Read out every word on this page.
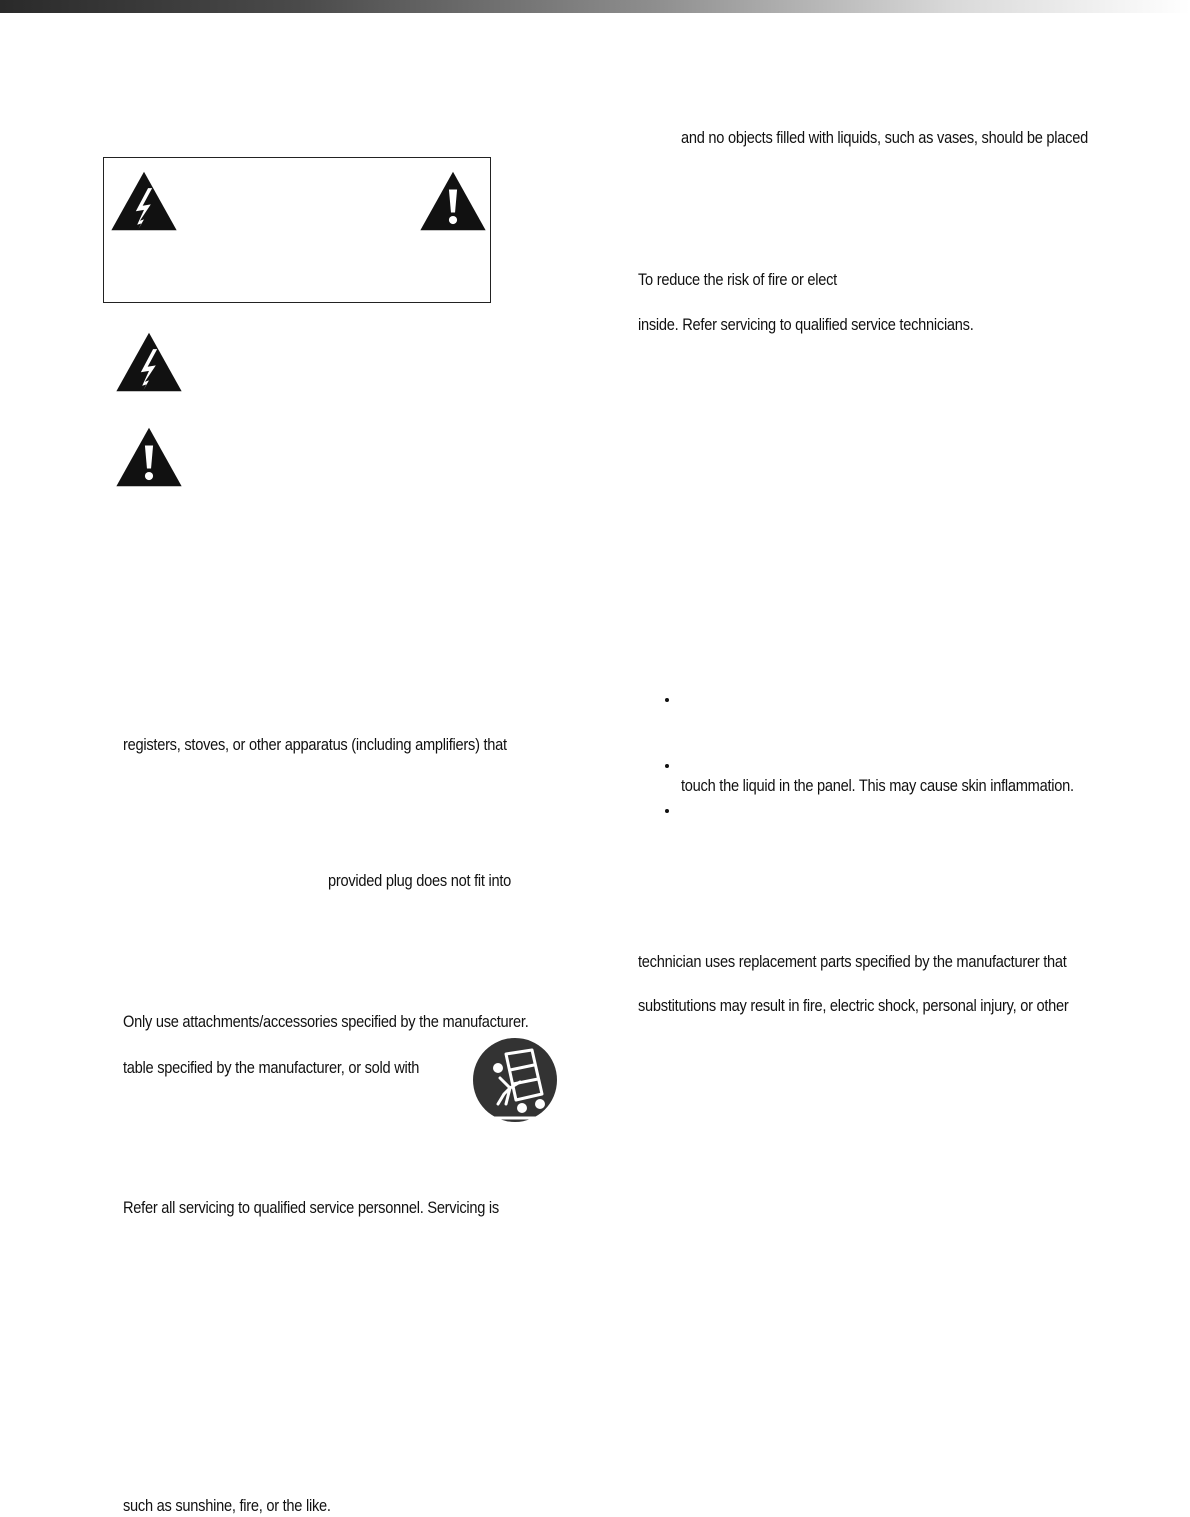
registers, stoves, or other apparatus (including amplifiers) that
provided plug does not fit into
Only use attachments/accessories specified by the manufacturer.
table specified by the manufacturer, or sold with
Refer all servicing to qualified service personnel. Servicing is
such as sunshine, fire, or the like.
and no objects filled with liquids, such as vases, should be placed
To reduce the risk of fire or elect
inside. Refer servicing to qualified service technicians.
touch the liquid in the panel. This may cause skin inflammation.
technician uses replacement parts specified by the manufacturer that
substitutions may result in fire, electric shock, personal injury, or other
